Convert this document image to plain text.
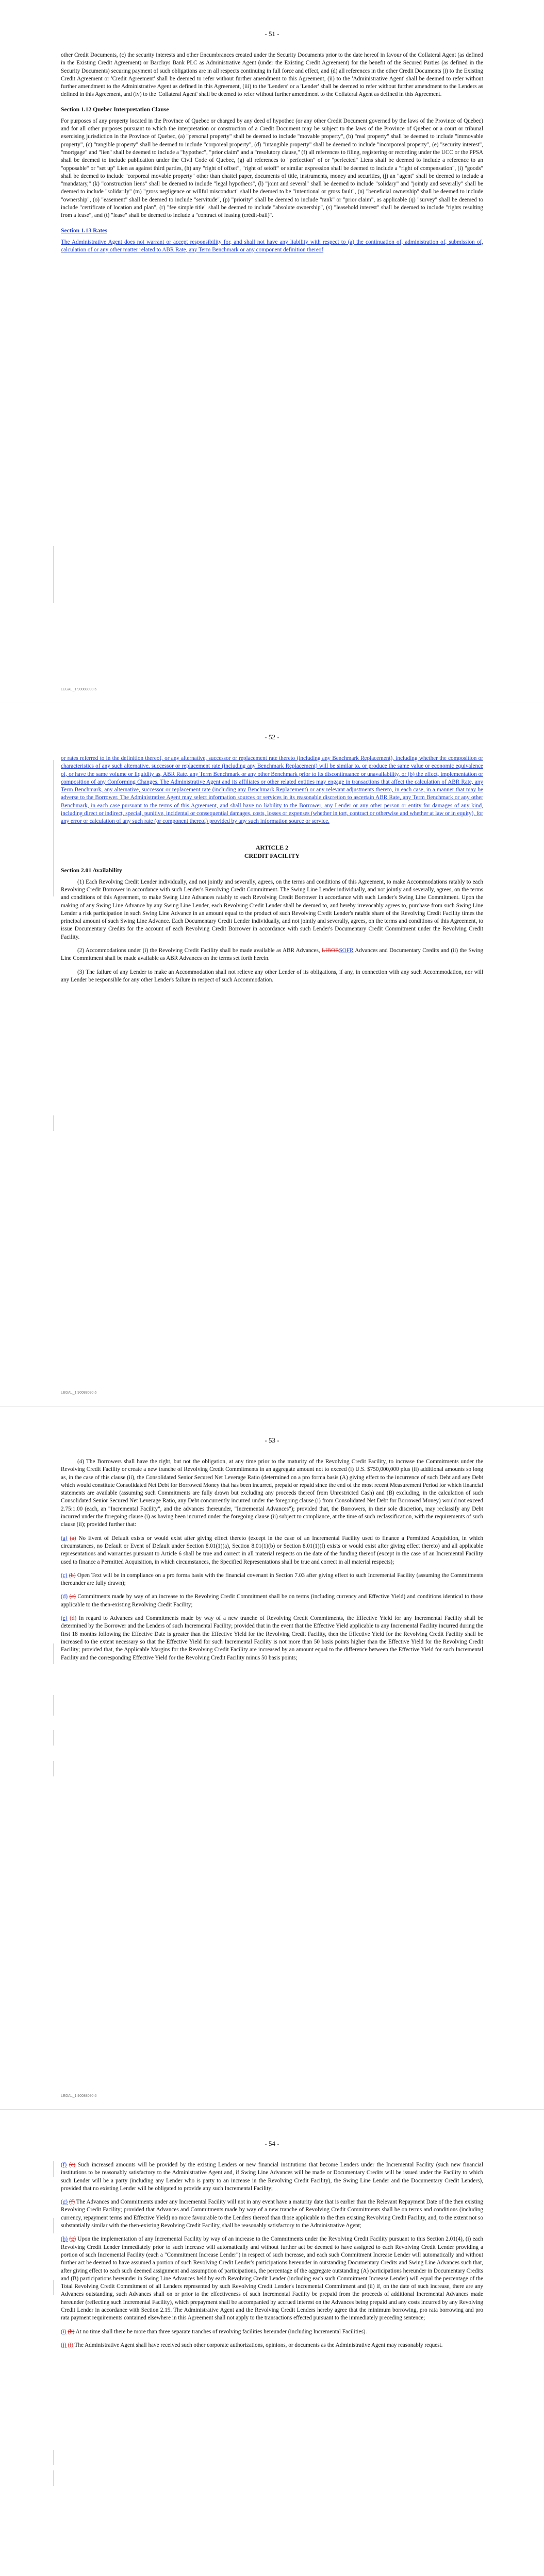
- 51 -

other Credit Documents, (c) the security interests and other Encumbrances created under the Security Documents prior to the date hereof in favour of the Collateral Agent (as defined in the Existing Credit Agreement) or Barclays Bank PLC as Administrative Agent (under the Existing Credit Agreement) for the benefit of the Secured Parties (as defined in the Security Documents) securing payment of such obligations are in all respects continuing in full force and effect, and (d) all references in the other Credit Documents (i) to the Existing Credit Agreement or 'Credit Agreement' shall be deemed to refer without further amendment to this Agreement, (ii) to the 'Administrative Agent' shall be deemed to refer without further amendment to the Administrative Agent as defined in this Agreement, (iii) to the 'Lenders' or a 'Lender' shall be deemed to refer without further amendment to the Lenders as defined in this Agreement, and (iv) to the 'Collateral Agent' shall be deemed to refer without further amendment to the Collateral Agent as defined in this Agreement.

Section 1.12 Quebec Interpretation Clause

For purposes of any property located in the Province of Quebec or charged by any deed of hypothec (or any other Credit Document governed by the laws of the Province of Quebec) and for all other purposes pursuant to which the interpretation or construction of a Credit Document may be subject to the laws of the Province of Quebec or a court or tribunal exercising jurisdiction in the Province of Quebec, (a) "personal property" shall be deemed to include "movable property", (b) "real property" shall be deemed to include "immovable property", (c) "tangible property" shall be deemed to include "corporeal property", (d) "intangible property" shall be deemed to include "incorporeal property", (e) "security interest", "mortgage" and "lien" shall be deemed to include a "hypothec", "prior claim" and a "resolutory clause," (f) all references to filing, registering or recording under the UCC or the PPSA shall be deemed to include publication under the Civil Code of Quebec, (g) all references to "perfection" of or "perfected" Liens shall be deemed to include a reference to an "opposable" or "set up" Lien as against third parties, (h) any "right of offset", "right of setoff" or similar expression shall be deemed to include a "right of compensation", (i) "goods" shall be deemed to include "corporeal movable property" other than chattel paper, documents of title, instruments, money and securities, (j) an "agent" shall be deemed to include a "mandatary," (k) "construction liens" shall be deemed to include "legal hypothecs", (l) "joint and several" shall be deemed to include "solidary" and "jointly and severally" shall be deemed to include "solidarily" (m) "gross negligence or willful misconduct" shall be deemed to be "intentional or gross fault", (n) "beneficial ownership" shall be deemed to include "ownership", (o) "easement" shall be deemed to include "servitude", (p) "priority" shall be deemed to include "rank" or "prior claim", as applicable (q) "survey" shall be deemed to include "certificate of location and plan", (r) "fee simple title" shall be deemed to include "absolute ownership", (s) "leasehold interest" shall be deemed to include "rights resulting from a lease", and (t) "lease" shall be deemed to include a "contract of leasing (crédit-bail)".

Section 1.13 Rates

The Administrative Agent does not warrant or accept responsibility for, and shall not have any liability with respect to (a) the continuation of, administration of, submission of, calculation of or any other matter related to ABR Rate, any Term Benchmark or any component definition thereof

LEGAL_1:90088090.6
- 52 -

or rates referred to in the definition thereof, or any alternative, successor or replacement rate thereto (including any Benchmark Replacement), including whether the composition or characteristics of any such alternative, successor or replacement rate (including any Benchmark Replacement) will be similar to, or produce the same value or economic equivalence of, or have the same volume or liquidity as, ABR Rate, any Term Benchmark or any other Benchmark prior to its discontinuance or unavailability, or (b) the effect, implementation or composition of any Conforming Changes. The Administrative Agent and its affiliates or other related entities may engage in transactions that affect the calculation of ABR Rate, any Term Benchmark, any alternative, successor or replacement rate (including any Benchmark Replacement) or any relevant adjustments thereto, in each case, in a manner that may be adverse to the Borrower. The Administrative Agent may select information sources or services in its reasonable discretion to ascertain ABR Rate, any Term Benchmark or any other Benchmark, in each case pursuant to the terms of this Agreement, and shall have no liability to the Borrower, any Lender or any other person or entity for damages of any kind, including direct or indirect, special, punitive, incidental or consequential damages, costs, losses or expenses (whether in tort, contract or otherwise and whether at law or in equity), for any error or calculation of any such rate (or component thereof) provided by any such information source or service.

ARTICLE 2
CREDIT FACILITY
Section 2.01 Availability

(1) Each Revolving Credit Lender individually, and not jointly and severally, agrees, on the terms and conditions of this Agreement, to make Accommodations ratably to each Revolving Credit Borrower in accordance with such Lender's Revolving Credit Commitment. The Swing Line Lender individually, and not jointly and severally, agrees, on the terms and conditions of this Agreement, to make Swing Line Advances ratably to each Revolving Credit Borrower in accordance with such Lender's Swing Line Commitment. Upon the making of any Swing Line Advance by any Swing Line Lender, each Revolving Credit Lender shall be deemed to, and hereby irrevocably agrees to, purchase from such Swing Line Lender a risk participation in such Swing Line Advance in an amount equal to the product of such Revolving Credit Lender's ratable share of the Revolving Credit Facility times the principal amount of such Swing Line Advance. Each Documentary Credit Lender individually, and not jointly and severally, agrees, on the terms and conditions of this Agreement, to issue Documentary Credits for the account of each Revolving Credit Borrower in accordance with such Lender's Documentary Credit Commitment under the Revolving Credit Facility.

(2) Accommodations under (i) the Revolving Credit Facility shall be made available as ABR Advances, LIBORSOFR Advances and Documentary Credits and (ii) the Swing Line Commitment shall be made available as ABR Advances on the terms set forth herein.

(3) The failure of any Lender to make an Accommodation shall not relieve any other Lender of its obligations, if any, in connection with any such Accommodation, nor will any Lender be responsible for any other Lender's failure in respect of such Accommodation.

LEGAL_1:90088090.6
- 53 -

(4) The Borrowers shall have the right, but not the obligation, at any time prior to the maturity of the Revolving Credit Facility, to increase the Commitments under the Revolving Credit Facility or create a new tranche of Revolving Credit Commitments in an aggregate amount not to exceed (i) U.S. $750,000,000 plus (ii) additional amounts so long as, in the case of this clause (ii), the Consolidated Senior Secured Net Leverage Ratio (determined on a pro forma basis (A) giving effect to the incurrence of such Debt and any Debt which would constitute Consolidated Net Debt for Borrowed Money that has been incurred, prepaid or repaid since the end of the most recent Measurement Period for which financial statements are available (assuming such Commitments are fully drawn but excluding any proceeds thereof from Unrestricted Cash) and (B) excluding, in the calculation of such Consolidated Senior Secured Net Leverage Ratio, any Debt concurrently incurred under the foregoing clause (i) from Consolidated Net Debt for Borrowed Money) would not exceed 2.75:1.00 (each, an "Incremental Facility", and the advances thereunder, "Incremental Advances"); provided that, the Borrowers, in their sole discretion, may reclassify any Debt incurred under the foregoing clause (i) as having been incurred under the foregoing clause (ii) subject to compliance, at the time of such reclassification, with the requirements of such clause (ii); provided further that:

(a) (a) No Event of Default exists or would exist after giving effect thereto (except in the case of an Incremental Facility used to finance a Permitted Acquisition, in which circumstances, no Default or Event of Default under Section 8.01(1)(a), Section 8.01(1)(b) or Section 8.01(1)(f) exists or would exist after giving effect thereto) and all applicable representations and warranties pursuant to Article 6 shall be true and correct in all material respects on the date of the funding thereof (except in the case of an Incremental Facility used to finance a Permitted Acquisition, in which circumstances, the Specified Representations shall be true and correct in all material respects);

(c) (b) Open Text will be in compliance on a pro forma basis with the financial covenant in Section 7.03 after giving effect to such Incremental Facility (assuming the Commitments thereunder are fully drawn);

(d) (c) Commitments made by way of an increase to the Revolving Credit Commitment shall be on terms (including currency and Effective Yield) and conditions identical to those applicable to the then-existing Revolving Credit Facility;

(e) (d) In regard to Advances and Commitments made by way of a new tranche of Revolving Credit Commitments, the Effective Yield for any Incremental Facility shall be determined by the Borrower and the Lenders of such Incremental Facility; provided that in the event that the Effective Yield applicable to any Incremental Facility incurred during the first 18 months following the Effective Date is greater than the Effective Yield for the Revolving Credit Facility, then the Effective Yield for the Revolving Credit Facility shall be increased to the extent necessary so that the Effective Yield for such Incremental Facility is not more than 50 basis points higher than the Effective Yield for the Revolving Credit Facility; provided that, the Applicable Margins for the Revolving Credit Facility are increased by an amount equal to the difference between the Effective Yield for such Incremental Facility and the corresponding Effective Yield for the Revolving Credit Facility minus 50 basis points;

LEGAL_1:90088090.6
- 54 -

(f) (e) Such increased amounts will be provided by the existing Lenders or new financial institutions that become Lenders under the Incremental Facility (such new financial institutions to be reasonably satisfactory to the Administrative Agent and, if Swing Line Advances will be made or Documentary Credits will be issued under the Facility to which such Lender will be a party (including any Lender who is party to an increase in the Revolving Credit Facility), the Swing Line Lender and the Documentary Credit Lenders), provided that no existing Lender will be obligated to provide any such Incremental Facility;

(g) (f) The Advances and Commitments under any Incremental Facility will not in any event have a maturity date that is earlier than the Relevant Repayment Date of the then existing Revolving Credit Facility; provided that Advances and Commitments made by way of a new tranche of Revolving Credit Commitments shall be on terms and conditions (including currency, repayment terms and Effective Yield) no more favourable to the Lenders thereof than those applicable to the then existing Revolving Credit Facility, and, to the extent not so substantially similar with the then-existing Revolving Credit Facility, shall be reasonably satisfactory to the Administrative Agent;

(h) (g) Upon the implementation of any Incremental Facility by way of an increase to the Commitments under the Revolving Credit Facility pursuant to this Section 2.01(4), (i) each Revolving Credit Lender immediately prior to such increase will automatically and without further act be deemed to have assigned to each Revolving Credit Lender providing a portion of such Incremental Facility (each a "Commitment Increase Lender") in respect of such increase, and each such Commitment Increase Lender will automatically and without further act be deemed to have assumed a portion of such Revolving Credit Lender's participations hereunder in outstanding Documentary Credits and Swing Line Advances such that, after giving effect to each such deemed assignment and assumption of participations, the percentage of the aggregate outstanding (A) participations hereunder in Documentary Credits and (B) participations hereunder in Swing Line Advances held by each Revolving Credit Lender (including each such Commitment Increase Lender) will equal the percentage of the Total Revolving Credit Commitment of all Lenders represented by such Revolving Credit Lender's Incremental Commitment and (ii) if, on the date of such increase, there are any Advances outstanding, such Advances shall on or prior to the effectiveness of such Incremental Facility be prepaid from the proceeds of additional Incremental Advances made hereunder (reflecting such Incremental Facility), which prepayment shall be accompanied by accrued interest on the Advances being prepaid and any costs incurred by any Revolving Credit Lender in accordance with Section 2.15. The Administrative Agent and the Revolving Credit Lenders hereby agree that the minimum borrowing, pro rata borrowing and pro rata payment requirements contained elsewhere in this Agreement shall not apply to the transactions effected pursuant to the immediately preceding sentence;

(i) (h) At no time shall there be more than three separate tranches of revolving facilities hereunder (including Incremental Facilities).

(j) (i) The Administrative Agent shall have received such other corporate authorizations, opinions, or documents as the Administrative Agent may reasonably request.
